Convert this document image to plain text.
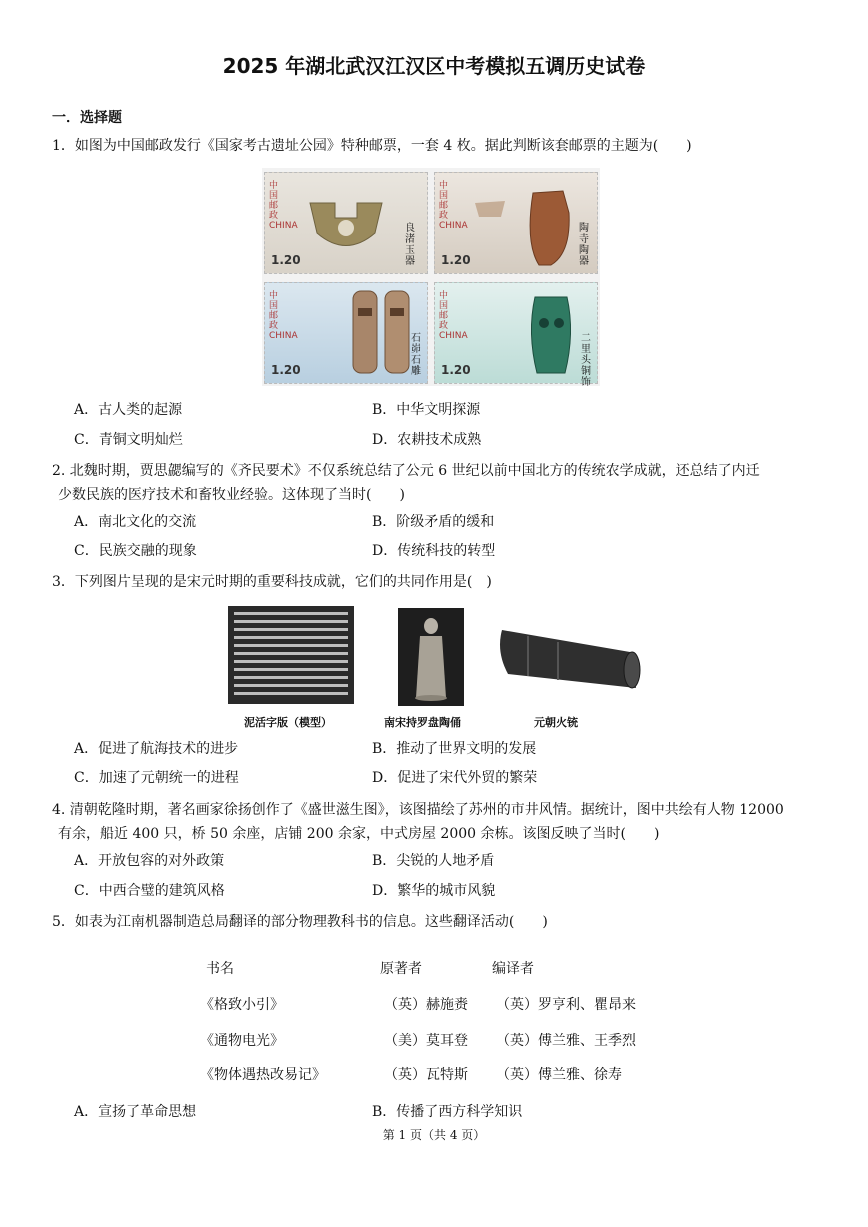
2025 年湖北武汉江汉区中考模拟五调历史试卷
一．选择题
1．如图为中国邮政发行《国家考古遗址公园》特种邮票，一套 4 枚。据此判断该套邮票的主题为(　　)
中国邮政 CHINA	良渚玉器
1.20
中国邮政 CHINA	陶寺陶器
1.20
中国邮政 CHINA	石峁石雕
1.20
中国邮政 CHINA	二里头铜饰
1.20
A．古人类的起源	B．中华文明探源
C．青铜文明灿烂	D．农耕技术成熟
2. 北魏时期，贾思勰编写的《齐民要术》不仅系统总结了公元 6 世纪以前中国北方的传统农学成就，还总结了内迁
少数民族的医疗技术和畜牧业经验。这体现了当时(　　)
A．南北文化的交流	B．阶级矛盾的缓和
C．民族交融的现象	D．传统科技的转型
3．下列图片呈现的是宋元时期的重要科技成就，它们的共同作用是(　)
泥活字版（模型）	南宋持罗盘陶俑	元朝火铳
A．促进了航海技术的进步	B．推动了世界文明的发展
C．加速了元朝统一的进程	D．促进了宋代外贸的繁荣
4. 清朝乾隆时期，著名画家徐扬创作了《盛世滋生图》，该图描绘了苏州的市井风情。据统计，图中共绘有人物 12000
有余，船近 400 只，桥 50 余座，店铺 200 余家，中式房屋 2000 余栋。该图反映了当时(　　)
A．开放包容的对外政策	B．尖锐的人地矛盾
C．中西合璧的建筑风格	D．繁华的城市风貌
5．如表为江南机器制造总局翻译的部分物理教科书的信息。这些翻译活动(　　)
书名	原著者	编译者
《格致小引》	（英）赫施赉 （英）罗亨利、瞿昂来
《通物电光》	（美）莫耳登 （英）傅兰雅、王季烈
《物体遇热改易记》	（英）瓦特斯 （英）傅兰雅、徐寿
A．宣扬了革命思想	B．传播了西方科学知识
第 1 页（共 4 页）
